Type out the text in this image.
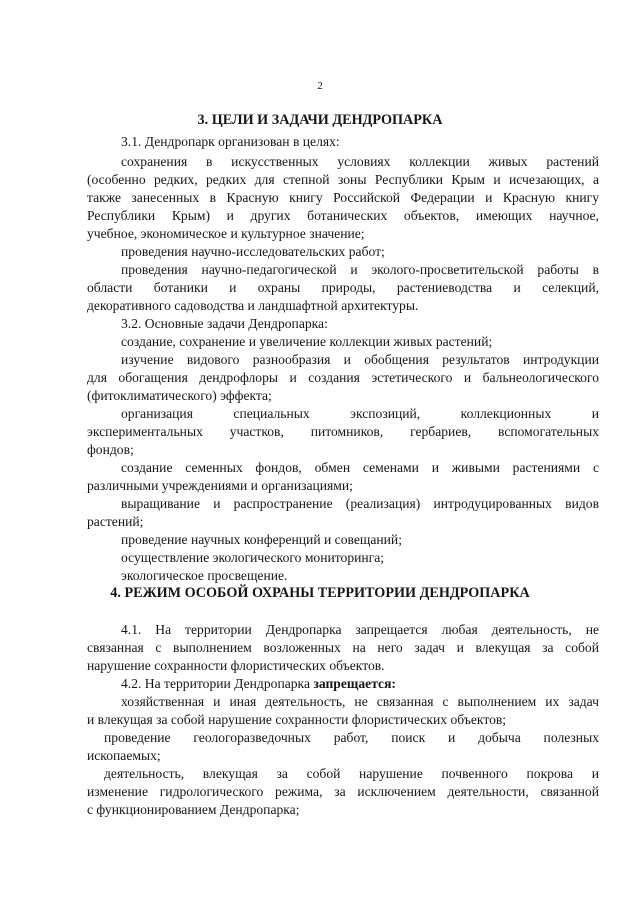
2
3. ЦЕЛИ И ЗАДАЧИ ДЕНДРОПАРКА
3.1. Дендропарк организован в целях:
сохранения в искусственных условиях коллекции живых растений
(особенно редких, редких для степной зоны Республики Крым и исчезающих, а
также занесенных в Красную книгу Российской Федерации и Красную книгу
Республики Крым) и других ботанических объектов, имеющих научное,
учебное, экономическое и культурное значение;
проведения научно-исследовательских работ;
проведения научно-педагогической и эколого-просветительской работы в
области ботаники и охраны природы, растениеводства и селекций,
декоративного садоводства и ландшафтной архитектуры.
3.2. Основные задачи Дендропарка:
создание, сохранение и увеличение коллекции живых растений;
изучение видового разнообразия и обобщения результатов интродукции
для обогащения дендрофлоры и создания эстетического и бальнеологического
(фитоклиматического) эффекта;
организация специальных экспозиций, коллекционных и
экспериментальных участков, питомников, гербариев, вспомогательных
фондов;
создание семенных фондов, обмен семенами и живыми растениями с
различными учреждениями и организациями;
выращивание и распространение (реализация) интродуцированных видов
растений;
проведение научных конференций и совещаний;
осуществление экологического мониторинга;
4. РЕЖИМ ОСОБОЙ ОХРАНЫ ТЕРРИТОРИИ ДЕНДРОПАРКА
4.1. На территории Дендропарка запрещается любая деятельность, не
связанная с выполнением возложенных на него задач и влекущая за собой
нарушение сохранности флористических объектов.
4.2. На территории Дендропарка запрещается:
хозяйственная и иная деятельность, не связанная с выполнением их задач
и влекущая за собой нарушение сохранности флористических объектов;
проведение геологоразведочных работ, поиск и добыча полезных
ископаемых;
деятельность, влекущая за собой нарушение почвенного покрова и
изменение гидрологического режима, за исключением деятельности, связанной
с функционированием Дендропарка;
экологическое просвещение.
